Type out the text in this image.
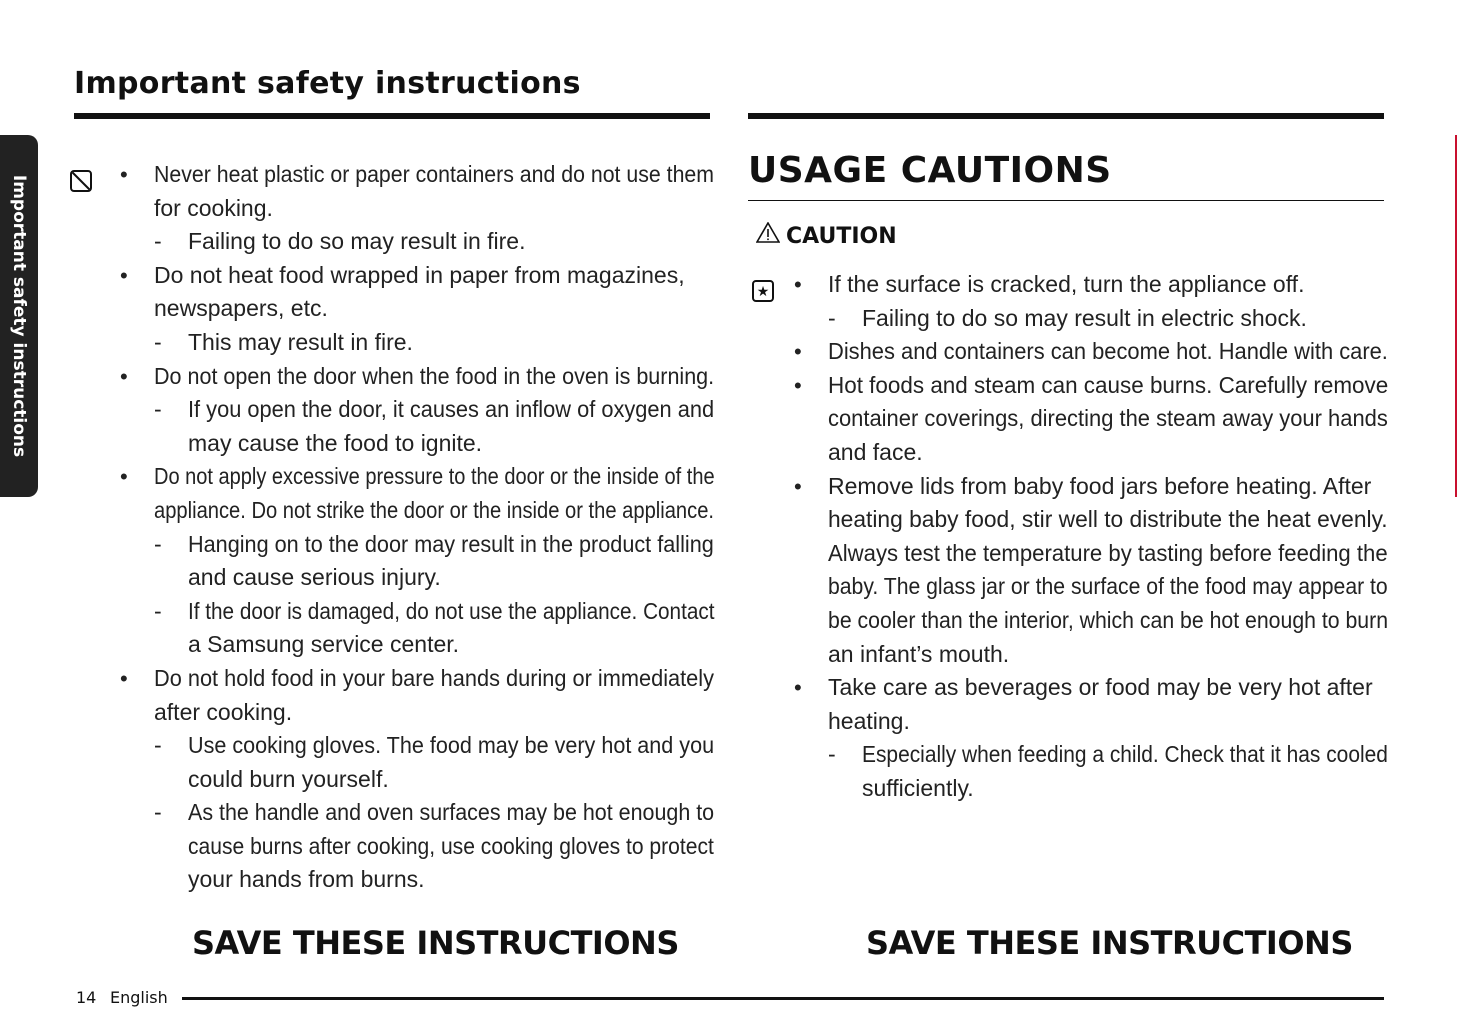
Important safety instructions
Important safety instructions
• Never heat plastic or paper containers and do not use them
for cooking.
- Failing to do so may result in fire.
• Do not heat food wrapped in paper from magazines,
newspapers, etc.
- This may result in fire.
• Do not open the door when the food in the oven is burning.
- If you open the door, it causes an inflow of oxygen and
may cause the food to ignite.
• Do not apply excessive pressure to the door or the inside of the
appliance. Do not strike the door or the inside or the appliance.
- Hanging on to the door may result in the product falling
and cause serious injury.
- If the door is damaged, do not use the appliance. Contact
a Samsung service center.
• Do not hold food in your bare hands during or immediately
after cooking.
- Use cooking gloves. The food may be very hot and you
could burn yourself.
- As the handle and oven surfaces may be hot enough to
cause burns after cooking, use cooking gloves to protect
your hands from burns.
USAGE CAUTIONS
CAUTION
★
•	If the surface is cracked, turn the appliance off.
- Failing to do so may result in electric shock.
• Dishes and containers can become hot. Handle with care.
• Hot foods and steam can cause burns. Carefully remove
container coverings, directing the steam away your hands
and face.
• Remove lids from baby food jars before heating. After
heating baby food, stir well to distribute the heat evenly.
Always test the temperature by tasting before feeding the
baby. The glass jar or the surface of the food may appear to
be cooler than the interior, which can be hot enough to burn
an infant’s mouth.
• Take care as beverages or food may be very hot after
heating.
- Especially when feeding a child. Check that it has cooled
sufficiently.
SAVE THESE INSTRUCTIONS	SAVE THESE INSTRUCTIONS
14 English
